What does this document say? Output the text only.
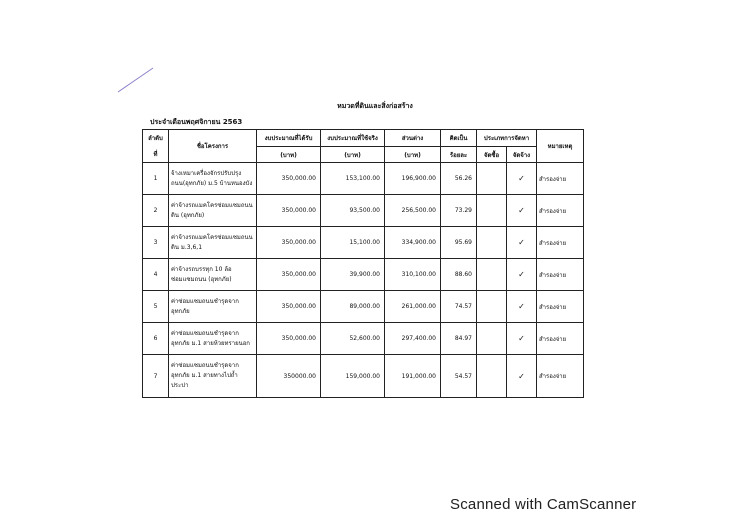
หมวดที่ดินและสิ่งก่อสร้าง
ประจำเดือนพฤศจิกายน 2563
ลำดับ
ที่	ชื่อโครงการ	งบประมาณที่ได้รับ	งบประมาณที่ใช้จริง	ส่วนต่าง	คิดเป็น	ประเภทการจัดหา		หมายเหตุ
		(บาท)	(บาท)	(บาท)	ร้อยละ	จัดซื้อ	จัดจ้าง	
1	จ้างเหมาเครื่องจักรปรับปรุง
ถนน(อุทกภัย) ม.5 บ้านหนองบัง	350,000.00	153,100.00	196,900.00	56.26		✓	สำรองจ่าย
2	ค่าจ้างรถแมคโครซ่อมแซมถนน
ดิน (อุทกภัย)	350,000.00	93,500.00	256,500.00	73.29		✓	สำรองจ่าย
3	ค่าจ้างรถแมคโครซ่อมแซมถนน
ดิน ม.3,6,1	350,000.00	15,100.00	334,900.00	95.69		✓	สำรองจ่าย
4	ค่าจ้างรถบรรทุก 10 ล้อ
ซ่อมแซมถนน (อุทกภัย)	350,000.00	39,900.00	310,100.00	88.60		✓	สำรองจ่าย
5	ค่าซ่อมแซมถนนชำรุดจาก
อุทกภัย	350,000.00	89,000.00	261,000.00	74.57		✓	สำรองจ่าย
6	ค่าซ่อมแซมถนนชำรุดจาก
อุทกภัย ม.1 สายห้วยทรายนอก	350,000.00	52,600.00	297,400.00	84.97		✓	สำรองจ่าย
7	ค่าซ่อมแซมถนนชำรุดจาก
อุทกภัย ม.1 สายทางไปถ้ำ
ประปา	350000.00	159,000.00	191,000.00	54.57		✓	สำรองจ่าย
Scanned with CamScanner
